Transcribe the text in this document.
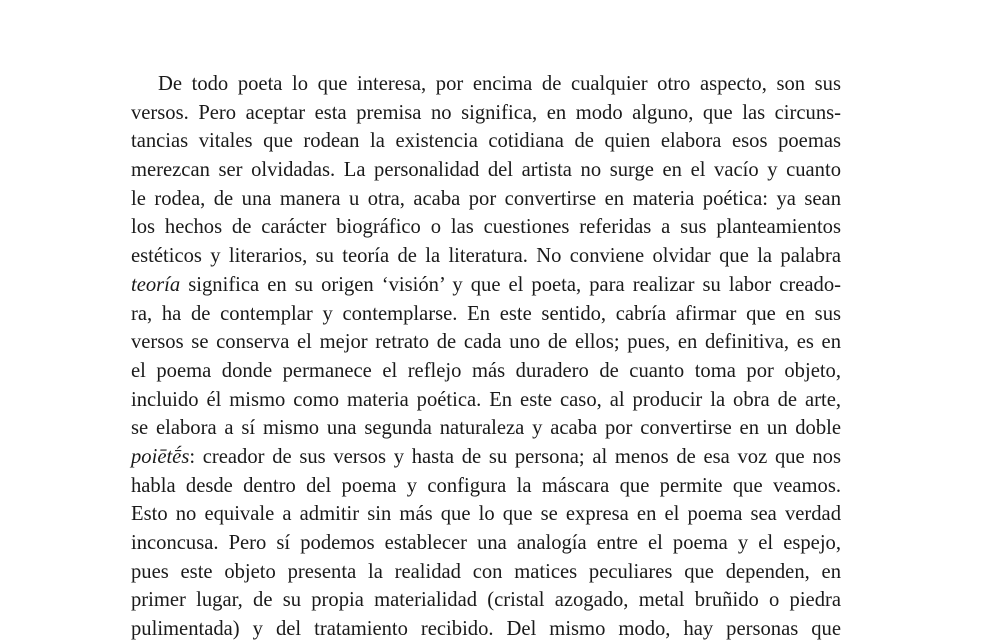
De todo poeta lo que interesa, por encima de cualquier otro aspecto, son sus
versos. Pero aceptar esta premisa no significa, en modo alguno, que las circuns-
tancias vitales que rodean la existencia cotidiana de quien elabora esos poemas
merezcan ser olvidadas. La personalidad del artista no surge en el vacío y cuanto
le rodea, de una manera u otra, acaba por convertirse en materia poética: ya sean
los hechos de carácter biográfico o las cuestiones referidas a sus planteamientos
estéticos y literarios, su teoría de la literatura. No conviene olvidar que la palabra
teoría significa en su origen ‘visión’ y que el poeta, para realizar su labor creado-
ra, ha de contemplar y contemplarse. En este sentido, cabría afirmar que en sus
versos se conserva el mejor retrato de cada uno de ellos; pues, en definitiva, es en
el poema donde permanece el reflejo más duradero de cuanto toma por objeto,
incluido él mismo como materia poética. En este caso, al producir la obra de arte,
se elabora a sí mismo una segunda naturaleza y acaba por convertirse en un doble
poiētḗs: creador de sus versos y hasta de su persona; al menos de esa voz que nos
habla desde dentro del poema y configura la máscara que permite que veamos.
Esto no equivale a admitir sin más que lo que se expresa en el poema sea verdad
inconcusa. Pero sí podemos establecer una analogía entre el poema y el espejo,
pues este objeto presenta la realidad con matices peculiares que dependen, en
primer lugar, de su propia materialidad (cristal azogado, metal bruñido o piedra
pulimentada) y del tratamiento recibido. Del mismo modo, hay personas que
